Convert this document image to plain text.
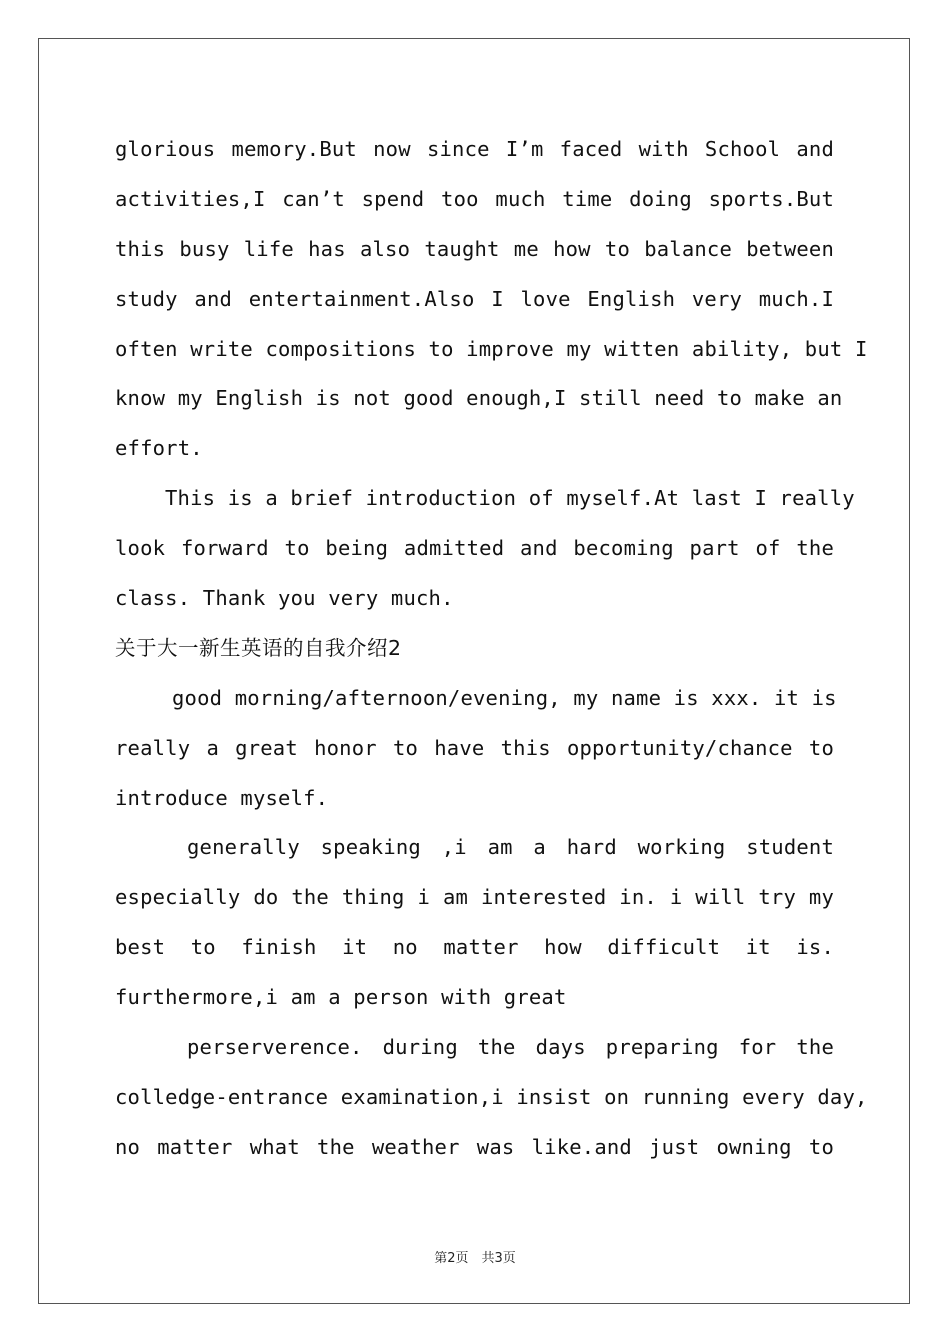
glorious memory.But now since I’m faced with School and
activities,I can’t spend too much time doing sports.But
this busy life has also taught me how to balance between
study and entertainment.Also I love English very much.I
often write compositions to improve my witten ability, but I
know my English is not good enough,I still need to make an
effort.
This is a brief introduction of myself.At last I really
look forward to being admitted and becoming part of the
class. Thank you very much.
关于大一新生英语的自我介绍2
good morning/afternoon/evening, my name is xxx. it is
really a great honor to have this opportunity/chance to
introduce myself.
generally speaking ,i am a hard working student
especially do the thing i am interested in. i will try my
best to finish it no matter how difficult it is.
furthermore,i am a person with great
perserverence. during the days preparing for the
colledge-entrance examination,i insist on running every day,
no matter what the weather was like.and just owning to
第2页　共3页
